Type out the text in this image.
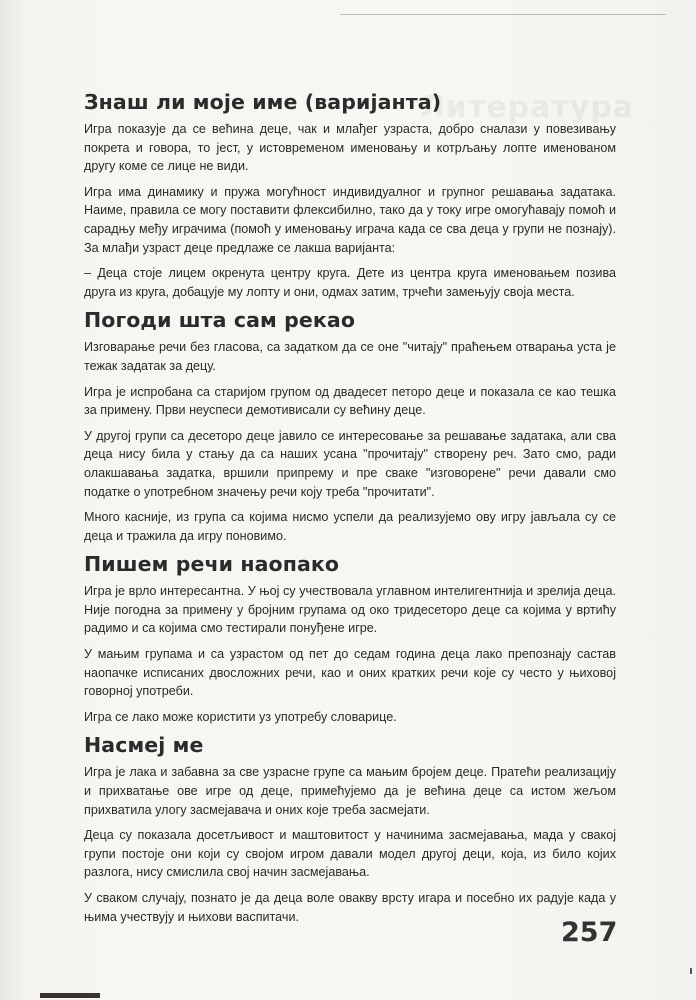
Литература
Знаш ли моје име (варијанта)

Игра показује да се већина деце, чак и млађег узраста, добро сналази у повезивању покрета и говора, то јест, у истовременом именовању и котрљању лопте именованом другу коме се лице не види.

Игра има динамику и пружа могућност индивидуалног и групног решавања задатака. Наиме, правила се могу поставити флексибилно, тако да у току игре омогућавају помоћ и сарадњу међу играчима (помоћ у именовању играча када се сва деца у групи не познају). За млађи узраст деце предлаже се лакша варијанта:

– Деца стоје лицем окренута центру круга. Дете из центра круга именовањем позива друга из круга, добацује му лопту и они, одмах затим, трчећи замењују своја места.

Погоди шта сам рекао

Изговарање речи без гласова, са задатком да се оне "читају" праћењем отварања уста је тежак задатак за децу.

Игра је испробана са старијом групом од двадесет петоро деце и показала се као тешка за примену. Први неуспеси демотивисали су већину деце.

У другој групи са десеторо деце јавило се интересовање за решавање задатака, али сва деца нису била у стању да са наших усана "прочитају" створену реч. Зато смо, ради олакшавања задатка, вршили припрему и пре сваке "изговорене" речи давали смо податке о употребном значењу речи коју треба "прочитати".

Много касније, из група са којима нисмо успели да реализујемо ову игру јављала су се деца и тражила да игру поновимо.

Пишем речи наопако

Игра је врло интересантна. У њој су учествовала углавном интелигентнија и зрелија деца. Није погодна за примену у бројним групама од око тридесеторо деце са којима у вртићу радимо и са којима смо тестирали понуђене игре.

У мањим групама и са узрастом од пет до седам година деца лако препознају састав наопачке исписаних двосложних речи, као и оних кратких речи које су често у њиховој говорној употреби.

Игра се лако може користити уз употребу словарице.

Насмеј ме

Игра је лака и забавна за све узрасне групе са мањим бројем деце. Пратећи реализацију и прихватање ове игре од деце, примећујемо да је већина деце са истом жељом прихватила улогу засмејавача и оних које треба засмејати.

Деца су показала досетљивост и маштовитост у начинима засмејавања, мада у свакој групи постоје они који су својом игром давали модел другој деци, која, из било којих разлога, нису смислила свој начин засмејавања.

У сваком случају, познато је да деца воле овакву врсту игара и посебно их радује када у њима учествују и њихови васпитачи.

257
